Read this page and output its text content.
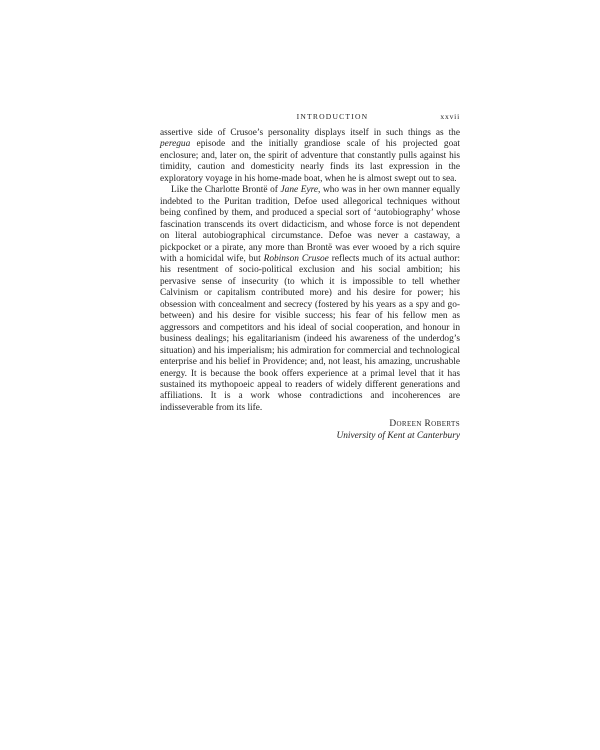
INTRODUCTION	xxvii

assertive side of Crusoe’s personality displays itself in such things as the peregua episode and the initially grandiose scale of his projected goat enclosure; and, later on, the spirit of adventure that constantly pulls against his timidity, caution and domesticity nearly finds its last expression in the exploratory voyage in his home-made boat, when he is almost swept out to sea.

Like the Charlotte Brontë of Jane Eyre, who was in her own manner equally indebted to the Puritan tradition, Defoe used allegorical techniques without being confined by them, and produced a special sort of ‘autobiography’ whose fascination transcends its overt didacticism, and whose force is not dependent on literal autobiographical circumstance. Defoe was never a castaway, a pickpocket or a pirate, any more than Brontë was ever wooed by a rich squire with a homicidal wife, but Robinson Crusoe reflects much of its actual author: his resentment of socio-political exclusion and his social ambition; his pervasive sense of insecurity (to which it is impossible to tell whether Calvinism or capitalism contributed more) and his desire for power; his obsession with concealment and secrecy (fostered by his years as a spy and go-between) and his desire for visible success; his fear of his fellow men as aggressors and competitors and his ideal of social cooperation, and honour in business dealings; his egalitarianism (indeed his awareness of the underdog’s situation) and his imperialism; his admiration for commercial and technological enterprise and his belief in Providence; and, not least, his amazing, uncrushable energy. It is because the book offers experience at a primal level that it has sustained its mythopoeic appeal to readers of widely different generations and affiliations. It is a work whose contradictions and incoherences are indisseverable from its life.

Doreen Roberts
University of Kent at Canterbury
